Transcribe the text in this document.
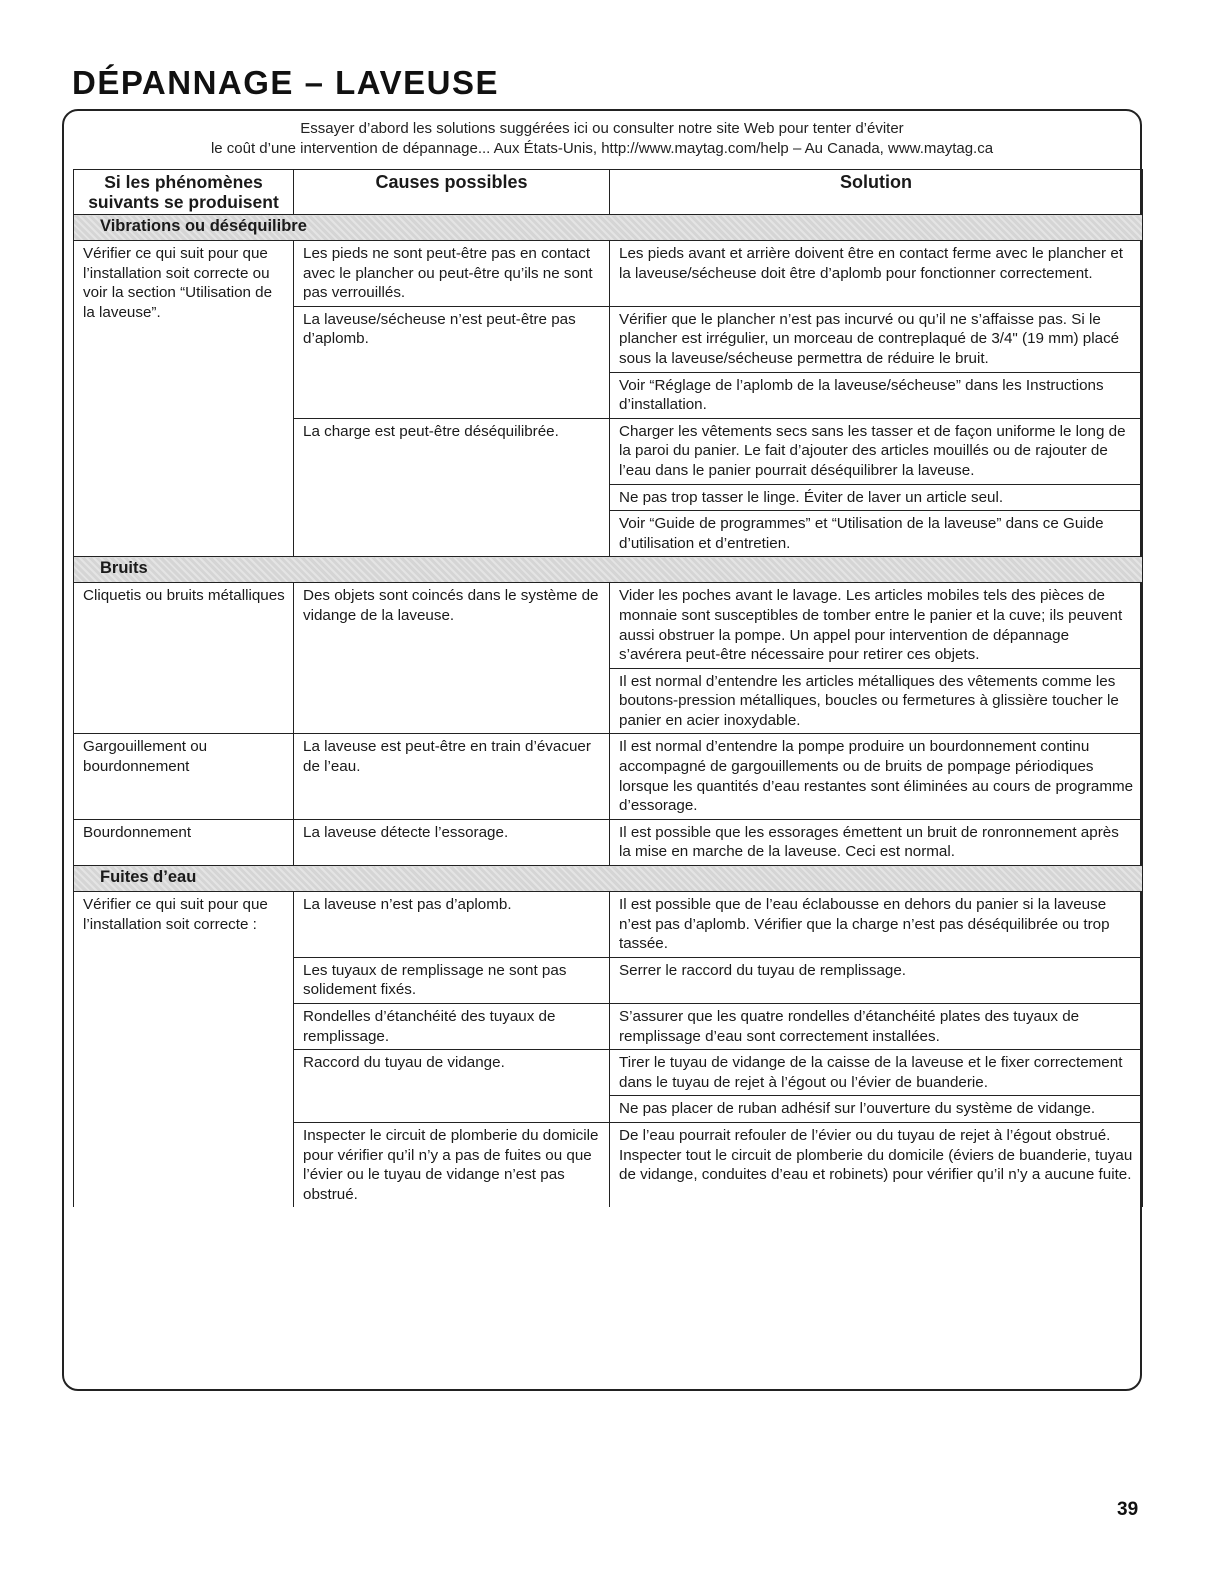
DÉPANNAGE – LAVEUSE
Essayer d’abord les solutions suggérées ici ou consulter notre site Web pour tenter d’éviter
le coût d’une intervention de dépannage... Aux États-Unis, http://www.maytag.com/help – Au Canada, www.maytag.ca
Si les phénomènes suivants se produisent	Causes possibles	Solution
Vibrations ou déséquilibre		
Vérifier ce qui suit pour que l’installation soit correcte ou voir la section “Utilisation de la laveuse”.	Les pieds ne sont peut-être pas en contact avec le plancher ou peut-être qu’ils ne sont pas verrouillés.	Les pieds avant et arrière doivent être en contact ferme avec le plancher et la laveuse/sécheuse doit être d’aplomb pour fonctionner correctement.
	La laveuse/sécheuse n’est peut-être pas d’aplomb.	Vérifier que le plancher n’est pas incurvé ou qu’il ne s’affaisse pas. Si le plancher est irrégulier, un morceau de contreplaqué de 3/4" (19 mm) placé sous la laveuse/sécheuse permettra de réduire le bruit.
		Voir “Réglage de l’aplomb de la laveuse/sécheuse” dans les Instructions d’installation.
	La charge est peut-être déséquilibrée.	Charger les vêtements secs sans les tasser et de façon uniforme le long de la paroi du panier. Le fait d’ajouter des articles mouillés ou de rajouter de l’eau dans le panier pourrait déséquilibrer la laveuse.
		Ne pas trop tasser le linge. Éviter de laver un article seul.
		Voir “Guide de programmes” et “Utilisation de la laveuse” dans ce Guide d’utilisation et d’entretien.
Bruits		
Cliquetis ou bruits métalliques	Des objets sont coincés dans le système de vidange de la laveuse.	Vider les poches avant le lavage. Les articles mobiles tels des pièces de monnaie sont susceptibles de tomber entre le panier et la cuve; ils peuvent aussi obstruer la pompe. Un appel pour intervention de dépannage s’avérera peut-être nécessaire pour retirer ces objets.
		Il est normal d’entendre les articles métalliques des vêtements comme les boutons-pression métalliques, boucles ou fermetures à glissière toucher le panier en acier inoxydable.
Gargouillement ou bourdonnement	La laveuse est peut-être en train d’évacuer de l’eau.	Il est normal d’entendre la pompe produire un bourdonnement continu accompagné de gargouillements ou de bruits de pompage périodiques lorsque les quantités d’eau restantes sont éliminées au cours de programme d’essorage.
Bourdonnement	La laveuse détecte l’essorage.	Il est possible que les essorages émettent un bruit de ronronnement après la mise en marche de la laveuse. Ceci est normal.
Fuites d’eau		
Vérifier ce qui suit pour que l’installation soit correcte :	La laveuse n’est pas d’aplomb.	Il est possible que de l’eau éclabousse en dehors du panier si la laveuse n’est pas d’aplomb. Vérifier que la charge n’est pas déséquilibrée ou trop tassée.
	Les tuyaux de remplissage ne sont pas solidement fixés.	Serrer le raccord du tuyau de remplissage.
	Rondelles d’étanchéité des tuyaux de remplissage.	S’assurer que les quatre rondelles d’étanchéité plates des tuyaux de remplissage d’eau sont correctement installées.
	Raccord du tuyau de vidange.	Tirer le tuyau de vidange de la caisse de la laveuse et le fixer correctement dans le tuyau de rejet à l’égout ou l’évier de buanderie.
		Ne pas placer de ruban adhésif sur l’ouverture du système de vidange.
	Inspecter le circuit de plomberie du domicile pour vérifier qu’il n’y a pas de fuites ou que l’évier ou le tuyau de vidange n’est pas obstrué.	De l’eau pourrait refouler de l’évier ou du tuyau de rejet à l’égout obstrué. Inspecter tout le circuit de plomberie du domicile (éviers de buanderie, tuyau de vidange, conduites d’eau et robinets) pour vérifier qu’il n’y a aucune fuite.
39
